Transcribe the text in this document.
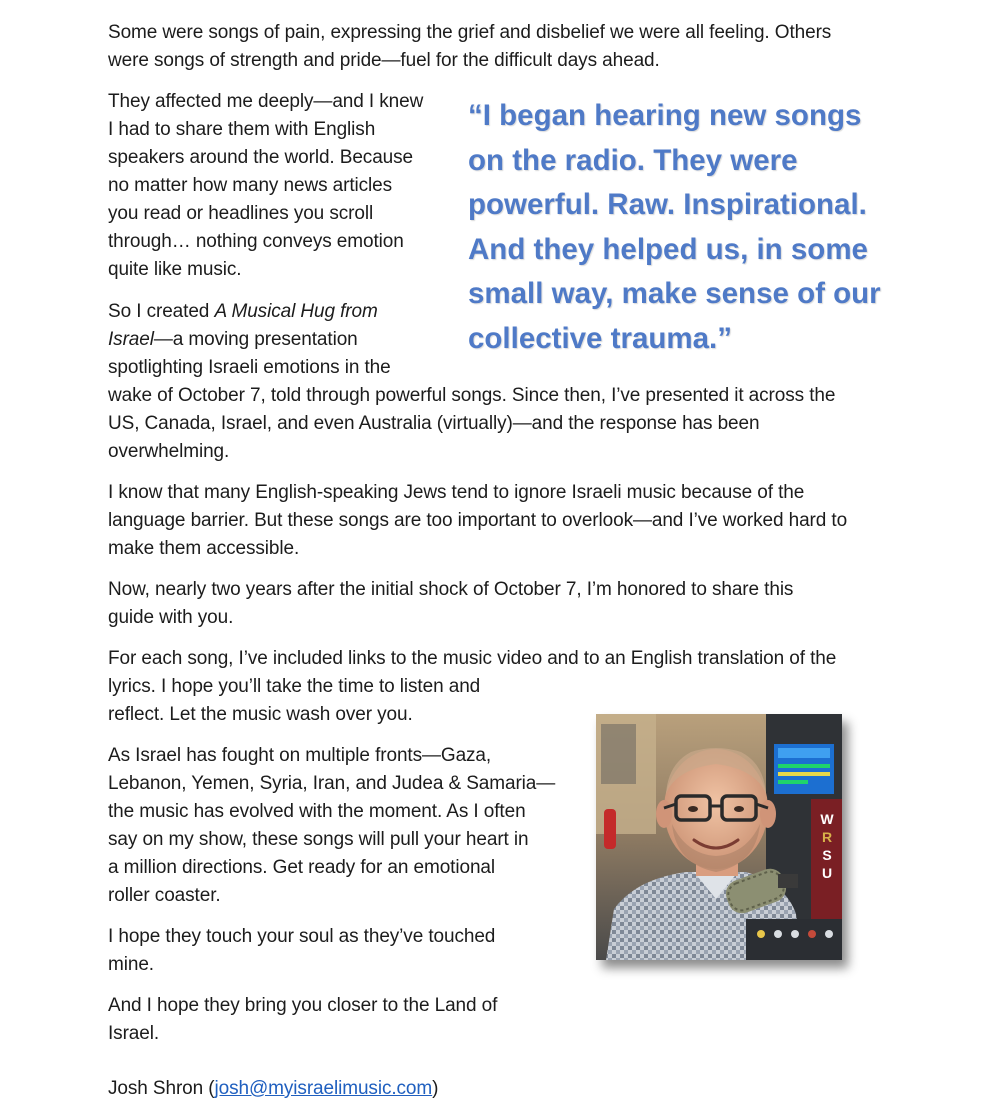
Some were songs of pain, expressing the grief and disbelief we were all feeling. Others
were songs of strength and pride—fuel for the difficult days ahead.

They affected me deeply—and I knew
I had to share them with English
speakers around the world. Because
no matter how many news articles
you read or headlines you scroll
through… nothing conveys emotion
quite like music.

“I began hearing new songs
on the radio. They were
powerful. Raw. Inspirational.
And they helped us, in some
small way, make sense of our
collective trauma.”

So I created A Musical Hug from
Israel—a moving presentation
spotlighting Israeli emotions in the
wake of October 7, told through powerful songs. Since then, I’ve presented it across the
US, Canada, Israel, and even Australia (virtually)—and the response has been
overwhelming.

I know that many English-speaking Jews tend to ignore Israeli music because of the
language barrier. But these songs are too important to overlook—and I’ve worked hard to
make them accessible.

Now, nearly two years after the initial shock of October 7, I’m honored to share this
guide with you.

For each song, I’ve included links to the music video and to an English translation of the
lyrics. I hope you’ll take the time to listen and
reflect. Let the music wash over you.

As Israel has fought on multiple fronts—Gaza,
Lebanon, Yemen, Syria, Iran, and Judea & Samaria—
the music has evolved with the moment. As I often
say on my show, these songs will pull your heart in
a million directions. Get ready for an emotional
roller coaster.

I hope they touch your soul as they’ve touched
mine.

And I hope they bring you closer to the Land of
Israel.

Josh Shron (josh@myisraelimusic.com)

W
R
S
U
